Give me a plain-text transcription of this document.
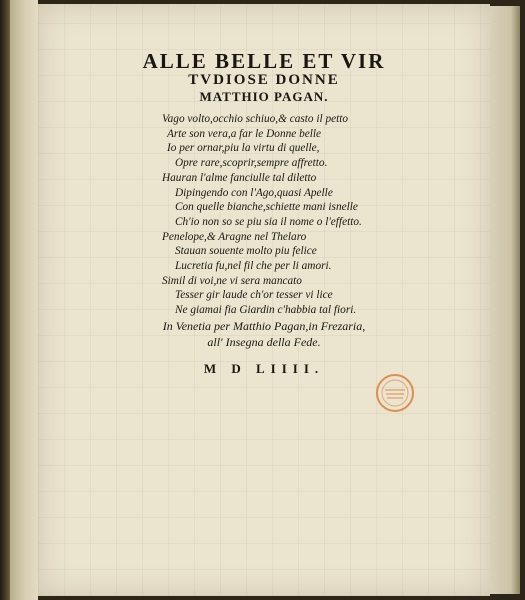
ALLE BELLE ET VIR
TVDIOSE DONNE
MATTHIO PAGAN.
Vago volto,occhio schiuo,& casto il petto
Arte son vera,a far le Donne belle
Io per ornar,piu la virtu di quelle,
Opre rare,scoprir,sempre affretto.
Hauran l'alme fanciulle tal diletto
Dipingendo con l'Ago,quasi Apelle
Con quelle bianche,schiette mani isnelle
Ch'io non so se piu sia il nome o l'effetto.
Penelope,& Aragne nel Thelaro
Stauan souente molto piu felice
Lucretia fu,nel fil che per li amori.
Simil di voi,ne vi sera mancato
Tesser gir laude ch'or tesser vi lice
Ne giamai fia Giardin c'habbia tal fiori.
In Venetia per Matthio Pagan,in Frezaria,
all' Insegna della Fede.
M D LIIII.
